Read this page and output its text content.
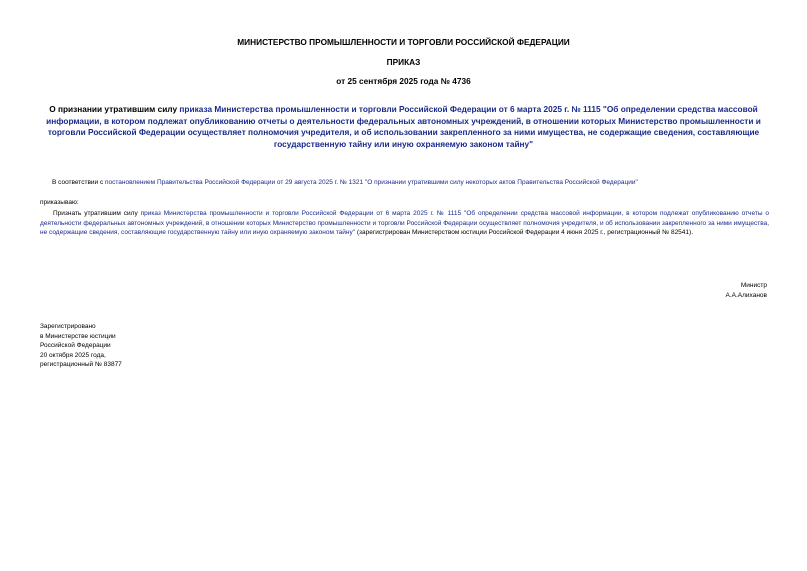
МИНИСТЕРСТВО ПРОМЫШЛЕННОСТИ И ТОРГОВЛИ РОССИЙСКОЙ ФЕДЕРАЦИИ
ПРИКАЗ
от 25 сентября 2025 года № 4736
О признании утратившим силу приказа Министерства промышленности и торговли Российской Федерации от 6 марта 2025 г. № 1115 "Об определении средства массовой информации, в котором подлежат опубликованию отчеты о деятельности федеральных автономных учреждений, в отношении которых Министерство промышленности и торговли Российской Федерации осуществляет полномочия учредителя, и об использовании закрепленного за ними имущества, не содержащие сведения, составляющие государственную тайну или иную охраняемую законом тайну"
В соответствии с постановлением Правительства Российской Федерации от 29 августа 2025 г. № 1321 "О признании утратившими силу некоторых актов Правительства Российской Федерации"
приказываю:
Признать утратившим силу приказ Министерства промышленности и торговли Российской Федерации от 6 марта 2025 г. № 1115 "Об определении средства массовой информации, в котором подлежат опубликованию отчеты о деятельности федеральных автономных учреждений, в отношении которых Министерство промышленности и торговли Российской Федерации осуществляет полномочия учредителя, и об использовании закрепленного за ними имущества, не содержащие сведения, составляющие государственную тайну или иную охраняемую законом тайну" (зарегистрирован Министерством юстиции Российской Федерации 4 июня 2025 г., регистрационный № 82541).
Министр
А.А.Алиханов
Зарегистрировано
в Министерстве юстиции
Российской Федерации
20 октября 2025 года,
регистрационный № 83877
